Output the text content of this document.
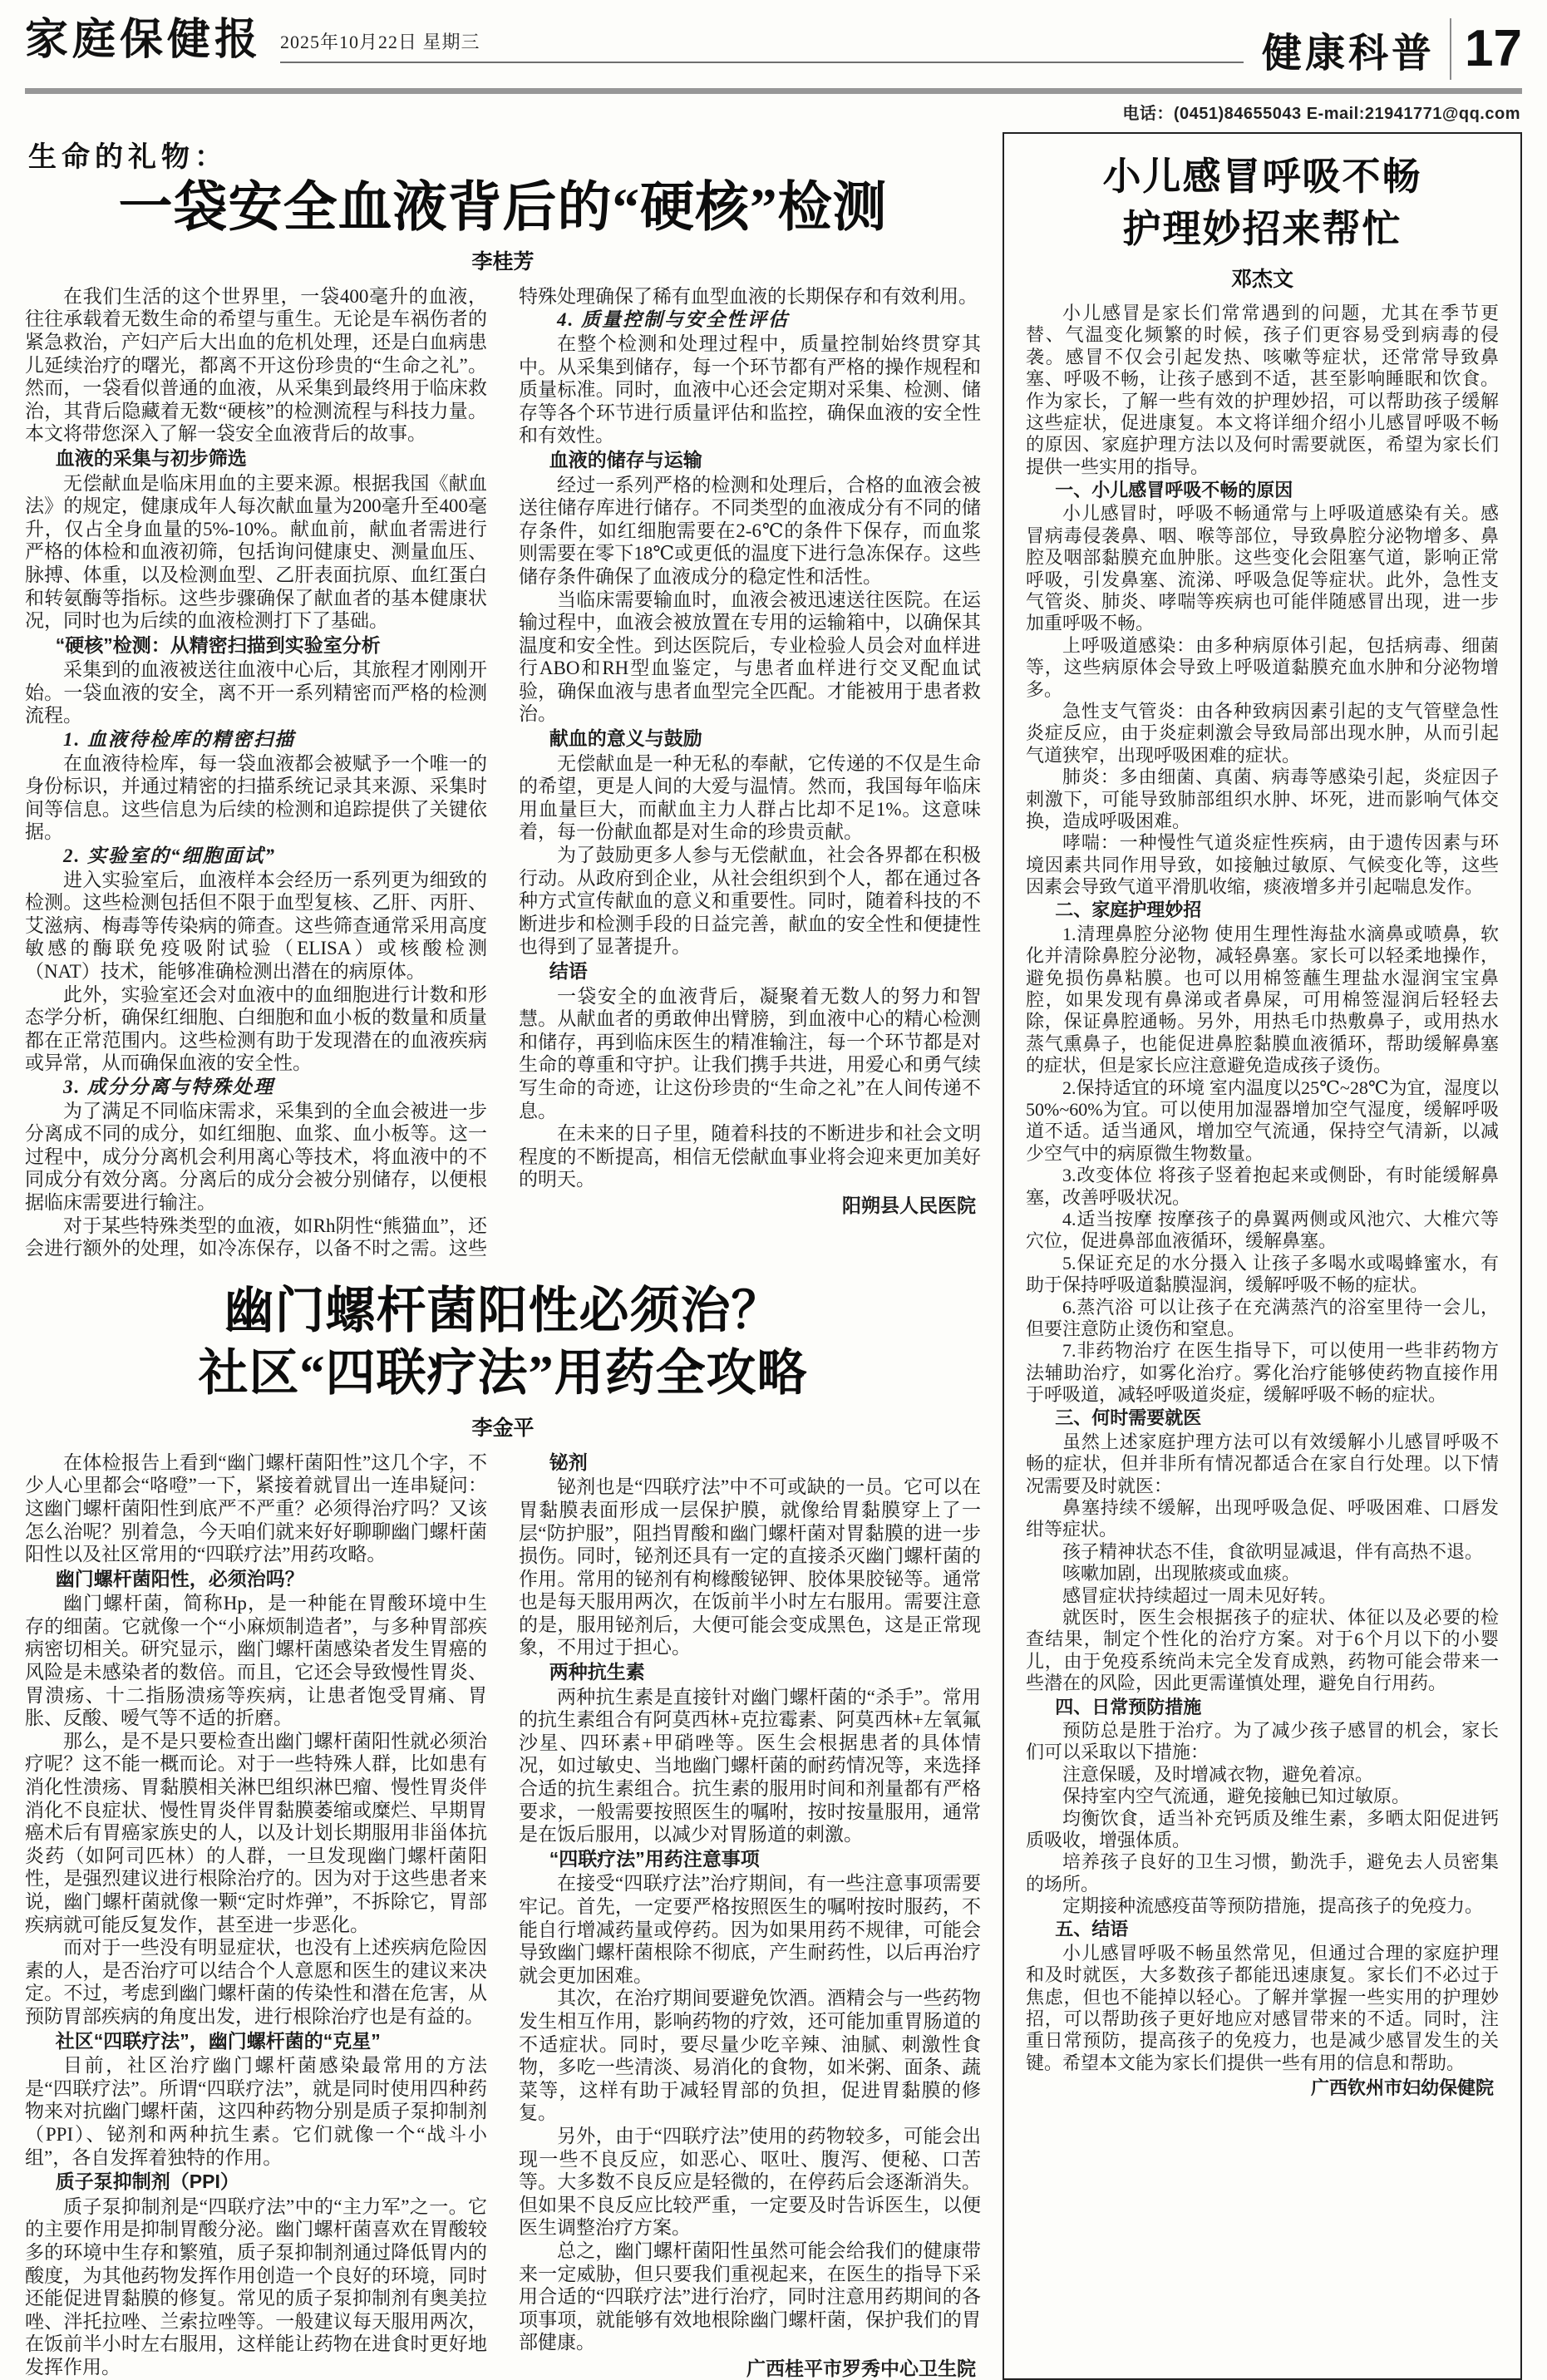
家庭保健报 2025年10月22日 星期三	健康科普 17
电话：(0451)84655043 E-mail:21941771@qq.com
生命的礼物：
一袋安全血液背后的“硬核”检测
李桂芳

在我们生活的这个世界里，一袋400毫升的血液，往往承载着无数生命的希望与重生。无论是车祸伤者的紧急救治，产妇产后大出血的危机处理，还是白血病患儿延续治疗的曙光，都离不开这份珍贵的“生命之礼”。然而，一袋看似普通的血液，从采集到最终用于临床救治，其背后隐藏着无数“硬核”的检测流程与科技力量。本文将带您深入了解一袋安全血液背后的故事。

血液的采集与初步筛选

无偿献血是临床用血的主要来源。根据我国《献血法》的规定，健康成年人每次献血量为200毫升至400毫升，仅占全身血量的5%-10%。献血前，献血者需进行严格的体检和血液初筛，包括询问健康史、测量血压、脉搏、体重，以及检测血型、乙肝表面抗原、血红蛋白和转氨酶等指标。这些步骤确保了献血者的基本健康状况，同时也为后续的血液检测打下了基础。

“硬核”检测：从精密扫描到实验室分析

采集到的血液被送往血液中心后，其旅程才刚刚开始。一袋血液的安全，离不开一系列精密而严格的检测流程。

1. 血液待检库的精密扫描

在血液待检库，每一袋血液都会被赋予一个唯一的身份标识，并通过精密的扫描系统记录其来源、采集时间等信息。这些信息为后续的检测和追踪提供了关键依据。

2. 实验室的“细胞面试”

进入实验室后，血液样本会经历一系列更为细致的检测。这些检测包括但不限于血型复核、乙肝、丙肝、艾滋病、梅毒等传染病的筛查。这些筛查通常采用高度敏感的酶联免疫吸附试验（ELISA）或核酸检测（NAT）技术，能够准确检测出潜在的病原体。

此外，实验室还会对血液中的血细胞进行计数和形态学分析，确保红细胞、白细胞和血小板的数量和质量都在正常范围内。这些检测有助于发现潜在的血液疾病或异常，从而确保血液的安全性。

3. 成分分离与特殊处理

为了满足不同临床需求，采集到的全血会被进一步分离成不同的成分，如红细胞、血浆、血小板等。这一过程中，成分分离机会利用离心等技术，将血液中的不同成分有效分离。分离后的成分会被分别储存，以便根据临床需要进行输注。

对于某些特殊类型的血液，如Rh阴性“熊猫血”，还会进行额外的处理，如冷冻保存，以备不时之需。这些特殊处理确保了稀有血型血液的长期保存和有效利用。

4. 质量控制与安全性评估

在整个检测和处理过程中，质量控制始终贯穿其中。从采集到储存，每一个环节都有严格的操作规程和质量标准。同时，血液中心还会定期对采集、检测、储存等各个环节进行质量评估和监控，确保血液的安全性和有效性。

血液的储存与运输

经过一系列严格的检测和处理后，合格的血液会被送往储存库进行储存。不同类型的血液成分有不同的储存条件，如红细胞需要在2-6℃的条件下保存，而血浆则需要在零下18℃或更低的温度下进行急冻保存。这些储存条件确保了血液成分的稳定性和活性。

当临床需要输血时，血液会被迅速送往医院。在运输过程中，血液会被放置在专用的运输箱中，以确保其温度和安全性。到达医院后，专业检验人员会对血样进行ABO和RH型血鉴定，与患者血样进行交叉配血试验，确保血液与患者血型完全匹配。才能被用于患者救治。

献血的意义与鼓励

无偿献血是一种无私的奉献，它传递的不仅是生命的希望，更是人间的大爱与温情。然而，我国每年临床用血量巨大，而献血主力人群占比却不足1%。这意味着，每一份献血都是对生命的珍贵贡献。

为了鼓励更多人参与无偿献血，社会各界都在积极行动。从政府到企业，从社会组织到个人，都在通过各种方式宣传献血的意义和重要性。同时，随着科技的不断进步和检测手段的日益完善，献血的安全性和便捷性也得到了显著提升。

结语

一袋安全的血液背后，凝聚着无数人的努力和智慧。从献血者的勇敢伸出臂膀，到血液中心的精心检测和储存，再到临床医生的精准输注，每一个环节都是对生命的尊重和守护。让我们携手共进，用爱心和勇气续写生命的奇迹，让这份珍贵的“生命之礼”在人间传递不息。

在未来的日子里，随着科技的不断进步和社会文明程度的不断提高，相信无偿献血事业将会迎来更加美好的明天。

阳朔县人民医院

幽门螺杆菌阳性必须治？
社区“四联疗法”用药全攻略
李金平

在体检报告上看到“幽门螺杆菌阳性”这几个字，不少人心里都会“咯噔”一下，紧接着就冒出一连串疑问：这幽门螺杆菌阳性到底严不严重？必须得治疗吗？又该怎么治呢？别着急，今天咱们就来好好聊聊幽门螺杆菌阳性以及社区常用的“四联疗法”用药攻略。

幽门螺杆菌阳性，必须治吗？

幽门螺杆菌，简称Hp，是一种能在胃酸环境中生存的细菌。它就像一个“小麻烦制造者”，与多种胃部疾病密切相关。研究显示，幽门螺杆菌感染者发生胃癌的风险是未感染者的数倍。而且，它还会导致慢性胃炎、胃溃疡、十二指肠溃疡等疾病，让患者饱受胃痛、胃胀、反酸、嗳气等不适的折磨。

那么，是不是只要检查出幽门螺杆菌阳性就必须治疗呢？这不能一概而论。对于一些特殊人群，比如患有消化性溃疡、胃黏膜相关淋巴组织淋巴瘤、慢性胃炎伴消化不良症状、慢性胃炎伴胃黏膜萎缩或糜烂、早期胃癌术后有胃癌家族史的人，以及计划长期服用非甾体抗炎药（如阿司匹林）的人群，一旦发现幽门螺杆菌阳性，是强烈建议进行根除治疗的。因为对于这些患者来说，幽门螺杆菌就像一颗“定时炸弹”，不拆除它，胃部疾病就可能反复发作，甚至进一步恶化。

而对于一些没有明显症状，也没有上述疾病危险因素的人，是否治疗可以结合个人意愿和医生的建议来决定。不过，考虑到幽门螺杆菌的传染性和潜在危害，从预防胃部疾病的角度出发，进行根除治疗也是有益的。

社区“四联疗法”，幽门螺杆菌的“克星”

目前，社区治疗幽门螺杆菌感染最常用的方法是“四联疗法”。所谓“四联疗法”，就是同时使用四种药物来对抗幽门螺杆菌，这四种药物分别是质子泵抑制剂（PPI）、铋剂和两种抗生素。它们就像一个“战斗小组”，各自发挥着独特的作用。

质子泵抑制剂（PPI）

质子泵抑制剂是“四联疗法”中的“主力军”之一。它的主要作用是抑制胃酸分泌。幽门螺杆菌喜欢在胃酸较多的环境中生存和繁殖，质子泵抑制剂通过降低胃内的酸度，为其他药物发挥作用创造一个良好的环境，同时还能促进胃黏膜的修复。常见的质子泵抑制剂有奥美拉唑、泮托拉唑、兰索拉唑等。一般建议每天服用两次，在饭前半小时左右服用，这样能让药物在进食时更好地发挥作用。

铋剂

铋剂也是“四联疗法”中不可或缺的一员。它可以在胃黏膜表面形成一层保护膜，就像给胃黏膜穿上了一层“防护服”，阻挡胃酸和幽门螺杆菌对胃黏膜的进一步损伤。同时，铋剂还具有一定的直接杀灭幽门螺杆菌的作用。常用的铋剂有枸橼酸铋钾、胶体果胶铋等。通常也是每天服用两次，在饭前半小时左右服用。需要注意的是，服用铋剂后，大便可能会变成黑色，这是正常现象，不用过于担心。

两种抗生素

两种抗生素是直接针对幽门螺杆菌的“杀手”。常用的抗生素组合有阿莫西林+克拉霉素、阿莫西林+左氧氟沙星、四环素+甲硝唑等。医生会根据患者的具体情况，如过敏史、当地幽门螺杆菌的耐药情况等，来选择合适的抗生素组合。抗生素的服用时间和剂量都有严格要求，一般需要按照医生的嘱咐，按时按量服用，通常是在饭后服用，以减少对胃肠道的刺激。

“四联疗法”用药注意事项

在接受“四联疗法”治疗期间，有一些注意事项需要牢记。首先，一定要严格按照医生的嘱咐按时服药，不能自行增减药量或停药。因为如果用药不规律，可能会导致幽门螺杆菌根除不彻底，产生耐药性，以后再治疗就会更加困难。

其次，在治疗期间要避免饮酒。酒精会与一些药物发生相互作用，影响药物的疗效，还可能加重胃肠道的不适症状。同时，要尽量少吃辛辣、油腻、刺激性食物，多吃一些清淡、易消化的食物，如米粥、面条、蔬菜等，这样有助于减轻胃部的负担，促进胃黏膜的修复。

另外，由于“四联疗法”使用的药物较多，可能会出现一些不良反应，如恶心、呕吐、腹泻、便秘、口苦等。大多数不良反应是轻微的，在停药后会逐渐消失。但如果不良反应比较严重，一定要及时告诉医生，以便医生调整治疗方案。

总之，幽门螺杆菌阳性虽然可能会给我们的健康带来一定威胁，但只要我们重视起来，在医生的指导下采用合适的“四联疗法”进行治疗，同时注意用药期间的各项事项，就能够有效地根除幽门螺杆菌，保护我们的胃部健康。

广西桂平市罗秀中心卫生院

小儿感冒呼吸不畅
护理妙招来帮忙
邓杰文

小儿感冒是家长们常常遇到的问题，尤其在季节更替、气温变化频繁的时候，孩子们更容易受到病毒的侵袭。感冒不仅会引起发热、咳嗽等症状，还常常导致鼻塞、呼吸不畅，让孩子感到不适，甚至影响睡眠和饮食。作为家长，了解一些有效的护理妙招，可以帮助孩子缓解这些症状，促进康复。本文将详细介绍小儿感冒呼吸不畅的原因、家庭护理方法以及何时需要就医，希望为家长们提供一些实用的指导。

一、小儿感冒呼吸不畅的原因

小儿感冒时，呼吸不畅通常与上呼吸道感染有关。感冒病毒侵袭鼻、咽、喉等部位，导致鼻腔分泌物增多、鼻腔及咽部黏膜充血肿胀。这些变化会阻塞气道，影响正常呼吸，引发鼻塞、流涕、呼吸急促等症状。此外，急性支气管炎、肺炎、哮喘等疾病也可能伴随感冒出现，进一步加重呼吸不畅。

上呼吸道感染：由多种病原体引起，包括病毒、细菌等，这些病原体会导致上呼吸道黏膜充血水肿和分泌物增多。

急性支气管炎：由各种致病因素引起的支气管壁急性炎症反应，由于炎症刺激会导致局部出现水肿，从而引起气道狭窄，出现呼吸困难的症状。

肺炎：多由细菌、真菌、病毒等感染引起，炎症因子刺激下，可能导致肺部组织水肿、坏死，进而影响气体交换，造成呼吸困难。

哮喘：一种慢性气道炎症性疾病，由于遗传因素与环境因素共同作用导致，如接触过敏原、气候变化等，这些因素会导致气道平滑肌收缩，痰液增多并引起喘息发作。

二、家庭护理妙招

1.清理鼻腔分泌物 使用生理性海盐水滴鼻或喷鼻，软化并清除鼻腔分泌物，减轻鼻塞。家长可以轻柔地操作，避免损伤鼻粘膜。也可以用棉签蘸生理盐水湿润宝宝鼻腔，如果发现有鼻涕或者鼻屎，可用棉签湿润后轻轻去除，保证鼻腔通畅。另外，用热毛巾热敷鼻子，或用热水蒸气熏鼻子，也能促进鼻腔黏膜血液循环，帮助缓解鼻塞的症状，但是家长应注意避免造成孩子烫伤。

2.保持适宜的环境 室内温度以25℃~28℃为宜，湿度以50%~60%为宜。可以使用加湿器增加空气湿度，缓解呼吸道不适。适当通风，增加空气流通，保持空气清新，以减少空气中的病原微生物数量。

3.改变体位 将孩子竖着抱起来或侧卧，有时能缓解鼻塞，改善呼吸状况。

4.适当按摩 按摩孩子的鼻翼两侧或风池穴、大椎穴等穴位，促进鼻部血液循环，缓解鼻塞。

5.保证充足的水分摄入 让孩子多喝水或喝蜂蜜水，有助于保持呼吸道黏膜湿润，缓解呼吸不畅的症状。

6.蒸汽浴 可以让孩子在充满蒸汽的浴室里待一会儿，但要注意防止烫伤和窒息。

7.非药物治疗 在医生指导下，可以使用一些非药物方法辅助治疗，如雾化治疗。雾化治疗能够使药物直接作用于呼吸道，减轻呼吸道炎症，缓解呼吸不畅的症状。

三、何时需要就医

虽然上述家庭护理方法可以有效缓解小儿感冒呼吸不畅的症状，但并非所有情况都适合在家自行处理。以下情况需要及时就医：

鼻塞持续不缓解，出现呼吸急促、呼吸困难、口唇发绀等症状。

孩子精神状态不佳，食欲明显减退，伴有高热不退。

咳嗽加剧，出现脓痰或血痰。

感冒症状持续超过一周未见好转。

就医时，医生会根据孩子的症状、体征以及必要的检查结果，制定个性化的治疗方案。对于6个月以下的小婴儿，由于免疫系统尚未完全发育成熟，药物可能会带来一些潜在的风险，因此更需谨慎处理，避免自行用药。

四、日常预防措施

预防总是胜于治疗。为了减少孩子感冒的机会，家长们可以采取以下措施：

注意保暖，及时增减衣物，避免着凉。

保持室内空气流通，避免接触已知过敏原。

均衡饮食，适当补充钙质及维生素，多晒太阳促进钙质吸收，增强体质。

培养孩子良好的卫生习惯，勤洗手，避免去人员密集的场所。

定期接种流感疫苗等预防措施，提高孩子的免疫力。

五、结语

小儿感冒呼吸不畅虽然常见，但通过合理的家庭护理和及时就医，大多数孩子都能迅速康复。家长们不必过于焦虑，但也不能掉以轻心。了解并掌握一些实用的护理妙招，可以帮助孩子更好地应对感冒带来的不适。同时，注重日常预防，提高孩子的免疫力，也是减少感冒发生的关键。希望本文能为家长们提供一些有用的信息和帮助。

广西钦州市妇幼保健院
